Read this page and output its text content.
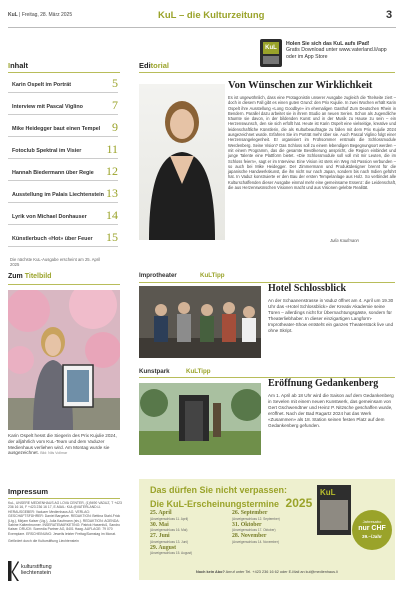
KuL | Freitag, 28. März 2025	KuL – die Kulturzeitung	3
KuL
Holen Sie sich das KuL aufs iPad!
Gratis Download unter www.vaterland.li/app
oder im App Store
Inhalt
Karin Ospelt im Porträt	5
Interview mit Pascal Viglino 7
Mike Heidegger baut einen Tempel 9
Fotoclub Spektral im Visier 11
Hannah Biedermann über Regie 12
Ausstellung im Palais Liechtenstein 13
Lyrik von Michael Donhauser 14
Künstlerbuch «Hot» über Feuer 15
Die nächste KuL-Ausgabe erscheint am 25. April 2025
Editorial
Von Wünschen zur Wirklichkeit
Es ist ungewöhnlich, dass eine Protagonistin unserer Ausgabe zugleich die Titelseite ziert – doch in diesem Fall gibt es einen guten Grund: den Prix Kujulie. In zwei Wochen erhält Karin Ospelt ihre Ausstellung «Long Goodbye» im ehemaligen Gasthof Zum Deutschen Rhein in Bendern. Parallel dazu arbeitet sie in ihrem Studio an neuen Serien. Schon als Jugendliche träumte sie davon, in der bildenden Kunst und in der Musik zu Hause zu sein – ein Herzenswunsch, den sie sich erfüllt hat. Heute ist Karin Ospelt eine vielseitige, kreative und leidenschaftliche Künstlerin, die als Kulturbeauftragte zu fallen mit dem Prix Kujulie 2024 ausgezeichnet wurde. Erfahren Sie im Porträt mehr über sie. Auch Pascal Viglino folgt einer Herzensangelegenheit. Er organisiert im Frühsommer erstmals die Schlossmodule Werdenberg. Seine Vision? Das Schloss soll zu einem lebendigen Begegnungsort werden – mit einem Programm, das die gesamte Bevölkerung anspricht, die Region einbindet und junge Talente eine Plattform bietet. «Die Schlossmodule soll voll mit mir Leuten, die im Schloss feiern», sagt er im Interview. Eine Vision ist stets ein Weg mit Passion verbunden – so auch bei Mike Heidegger. Der Zimmermann und Produktdesigner brennt für die japanische Handwerkskunst, die ihn nicht nur nach Japan, sondern bis nach Indien geführt hat. In Vaduz konstruierte er den Bau der ersten Tempelanlage aus Holz. So verbindet alle Kulturschaffenden dieser Ausgabe einmal mehr eine gemeinsame Essenz: die Leidenschaft, die aus Herzenswünschen Visionen macht und aus Visionen gelebte Realität.
Julia Kaufmann
Zum Titelbild
Karin Ospelt hesst die Siegerin des Prix Kujulie 2024, der alljährlich vom KuL-Team und dem Vaduzer Medienhaus verliehen wird. Am Montag wurde sie ausgezeichnet. Bild: Nils Vollmar
Improtheater	KuLTipp
Hotel Schlossblick
An der Schaanenstrasse in Vaduz öffnet am 4. April um 19.30 Uhr das «Hotel Schlossblick» der Kreativ Akademie seine Türen – allerdings nicht für Übernachtungsgäste, sondern für Theaterliebhaber. In dieser einzigartigen Langform-Improtheater-Show entsteht ein ganzes Theaterstück live und ohne Skript.
Kunstpark	KuLTipp
Eröffnung Gedankenberg
Am 1. April ab 18 Uhr wird die Saison auf dem Gedankenberg in Sevelen mit einem neuen Kunstwerk, das gemeinsam von Gert Gschwendtner und Heinz P. Nitzsche geschaffen wurde, eröffnet. Nach der Bad Ragartz 2024 hat das Werk «Zusammen» als 18. Station seinen festen Platz auf dem Gedankenberg gefunden.
Impressum
KuL, UNSERE MEDIENHAUS AG LOVA CENTER, (1)9490 VADUZ, T +423 236 16 16, F +423 236 16 17, E-MAIL: KUL@VATERLAND.LI. HERAUSGEBER: Vaduzer Medienhaus AG. VERLAG: GESCHÄFTSFÜHRER: Daniel Bargetze. REDAKTION: Bettina Stahl-Frick (Ltg.), Mirjam Kaiser (Ltg.), Julia Kaufmann (stv.). REDAKTION: AGENDA: Sabine Kaltenbrunner. INSERATEMARKETING: Patrick Hasenfuß, Sandro Kaiser. DRUCK: Somedia Partner AG, 8401 Haag. AUFLAGE: 79 070 Exemplare. ERSCHEINUNG: Jeweils letzter Freitag/Samstag im Monat.
Gefördert durch die Kulturstiftung Liechtenstein
kulturstiftung
liechtenstein
Das dürfen Sie nicht verpassen:
Die KuL-Erscheinungstermine 2025
25. April
(Anzeigenschluss 11. April)
30. Mai
(Anzeigenschluss 16. Mai)
27. Juni
(Anzeigenschluss 13. Juni)
29. August
(Anzeigenschluss 15. August)
26. September
(Anzeigenschluss 12. September)
31. Oktober
(Anzeigenschluss 17. Oktober)
28. November
(Anzeigenschluss 14. November)
KuL
Jahresabo
nur CHF
39.–/Jahr
Noch kein Abo? Anruf unter Tel. +423 236 16 62 oder E-Mail an kul@medienhaus.li
